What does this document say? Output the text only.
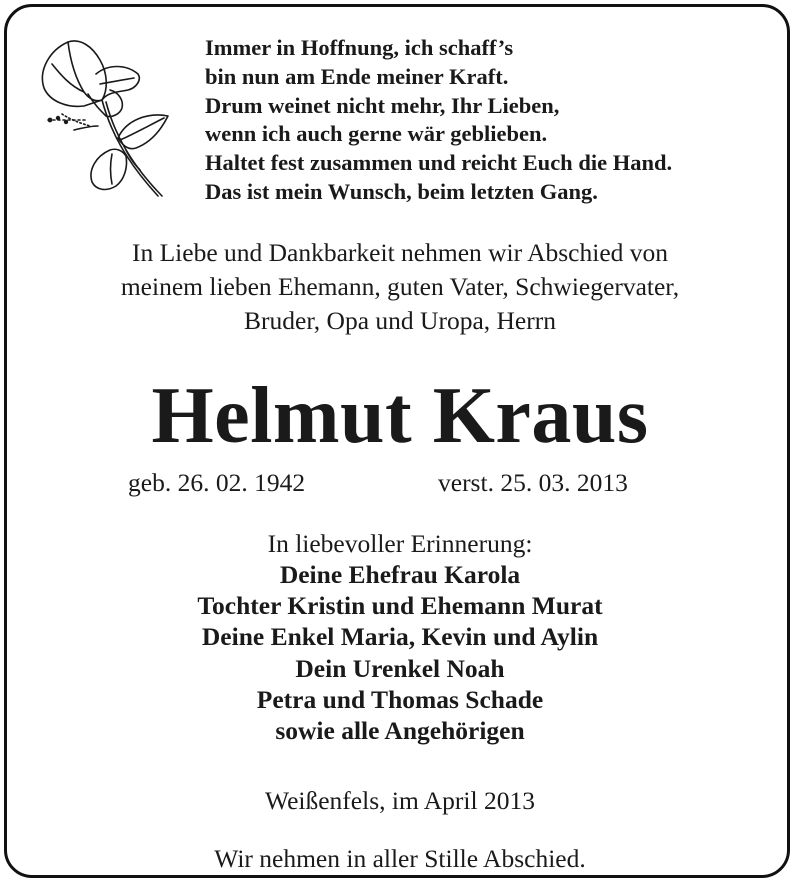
Immer in Hoffnung, ich schaff’s
bin nun am Ende meiner Kraft.
Drum weinet nicht mehr, Ihr Lieben,
wenn ich auch gerne wär geblieben.
Haltet fest zusammen und reicht Euch die Hand.
Das ist mein Wunsch, beim letzten Gang.
In Liebe und Dankbarkeit nehmen wir Abschied von
meinem lieben Ehemann, guten Vater, Schwiegervater,
Bruder, Opa und Uropa, Herrn
Helmut Kraus
geb. 26. 02. 1942	verst. 25. 03. 2013
In liebevoller Erinnerung:
Deine Ehefrau Karola
Tochter Kristin und Ehemann Murat
Deine Enkel Maria, Kevin und Aylin
Dein Urenkel Noah
Petra und Thomas Schade
sowie alle Angehörigen
Weißenfels, im April 2013
Wir nehmen in aller Stille Abschied.
